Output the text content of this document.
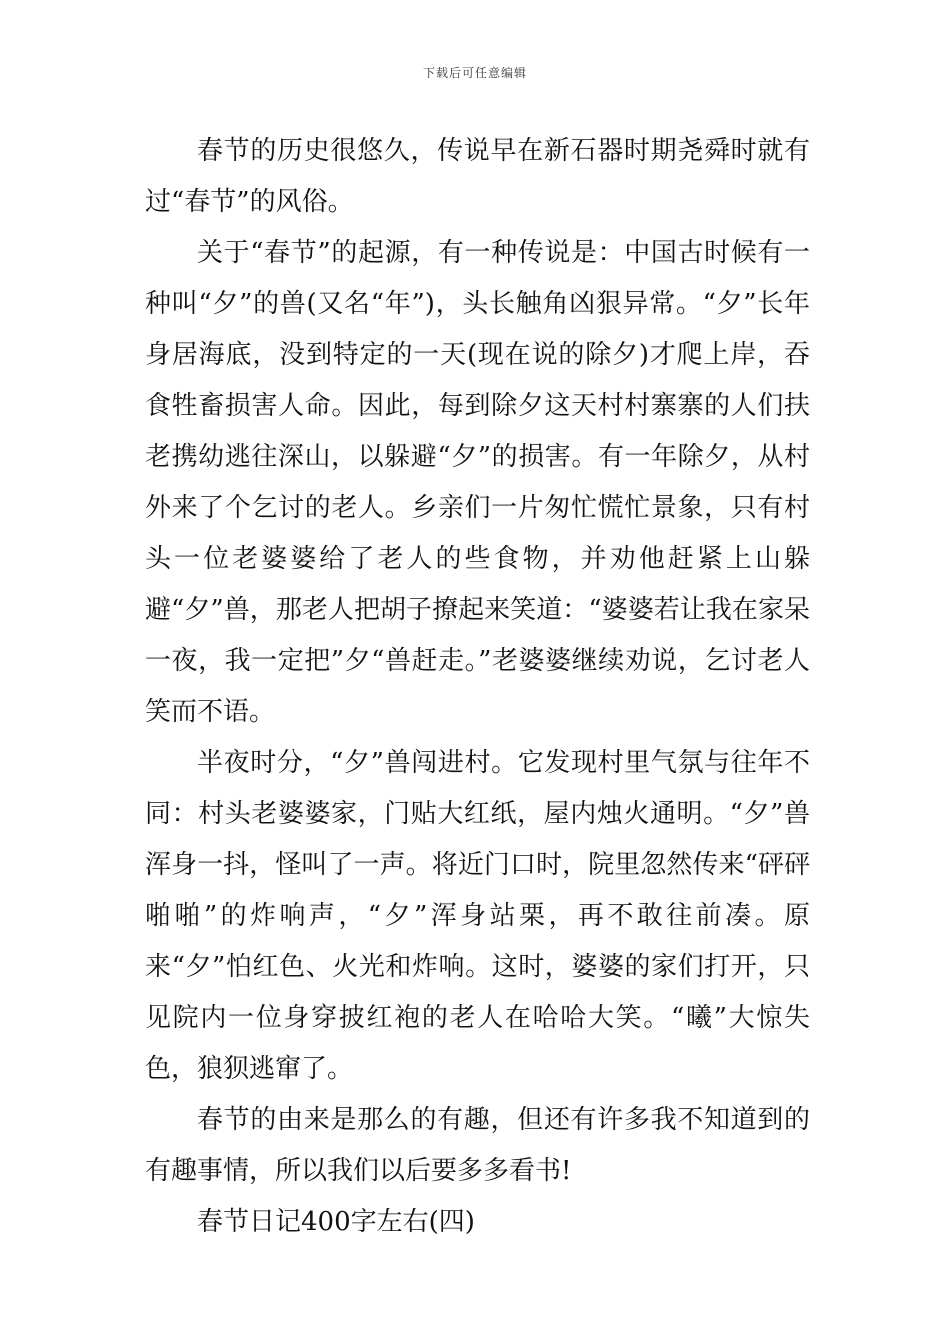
下载后可任意编辑

春节的历史很悠久，传说早在新石器时期尧舜时就有过“春节”的风俗。

关于“春节”的起源，有一种传说是：中国古时候有一种叫“夕”的兽(又名“年”)，头长触角凶狠异常。“夕”长年身居海底，没到特定的一天(现在说的除夕)才爬上岸，吞食牲畜损害人命。因此，每到除夕这天村村寨寨的人们扶老携幼逃往深山，以躲避“夕”的损害。有一年除夕，从村外来了个乞讨的老人。乡亲们一片匆忙慌忙景象，只有村头一位老婆婆给了老人的些食物，并劝他赶紧上山躲避“夕”兽，那老人把胡子撩起来笑道：“婆婆若让我在家呆一夜，我一定把”夕“兽赶走。”老婆婆继续劝说，乞讨老人笑而不语。

半夜时分，“夕”兽闯进村。它发现村里气氛与往年不同：村头老婆婆家，门贴大红纸，屋内烛火通明。“夕”兽浑身一抖，怪叫了一声。将近门口时，院里忽然传来“砰砰啪啪”的炸响声，“夕”浑身站栗，再不敢往前凑。原来“夕”怕红色、火光和炸响。这时，婆婆的家们打开，只见院内一位身穿披红袍的老人在哈哈大笑。“曦”大惊失色，狼狈逃窜了。

春节的由来是那么的有趣，但还有许多我不知道到的有趣事情，所以我们以后要多多看书!

春节日记400字左右(四)
